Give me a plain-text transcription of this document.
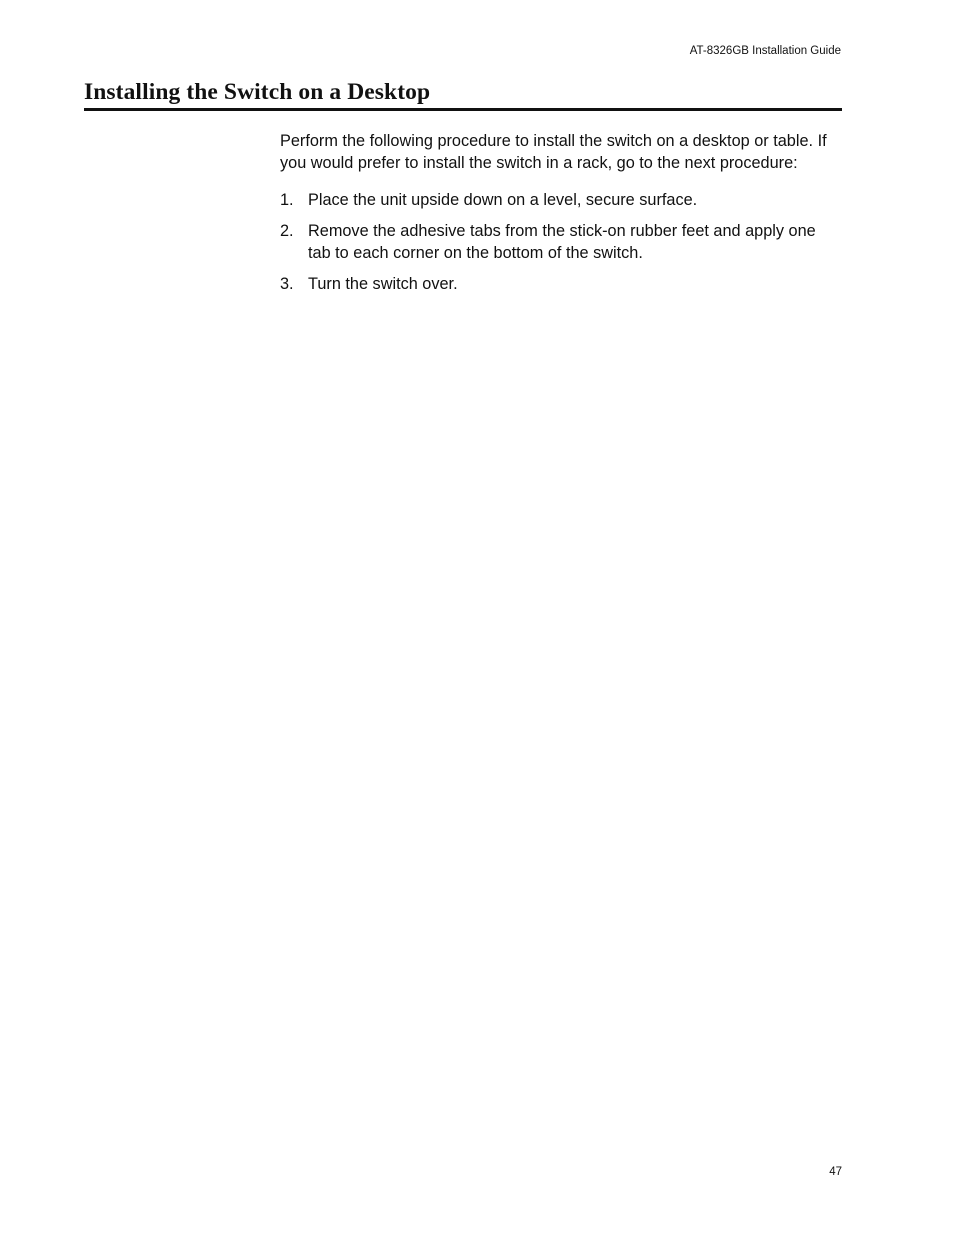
AT-8326GB Installation Guide
Installing the Switch on a Desktop

Perform the following procedure to install the switch on a desktop or table. If you would prefer to install the switch in a rack, go to the next procedure:

1. Place the unit upside down on a level, secure surface.
2. Remove the adhesive tabs from the stick-on rubber feet and apply one tab to each corner on the bottom of the switch.
3. Turn the switch over.
47
